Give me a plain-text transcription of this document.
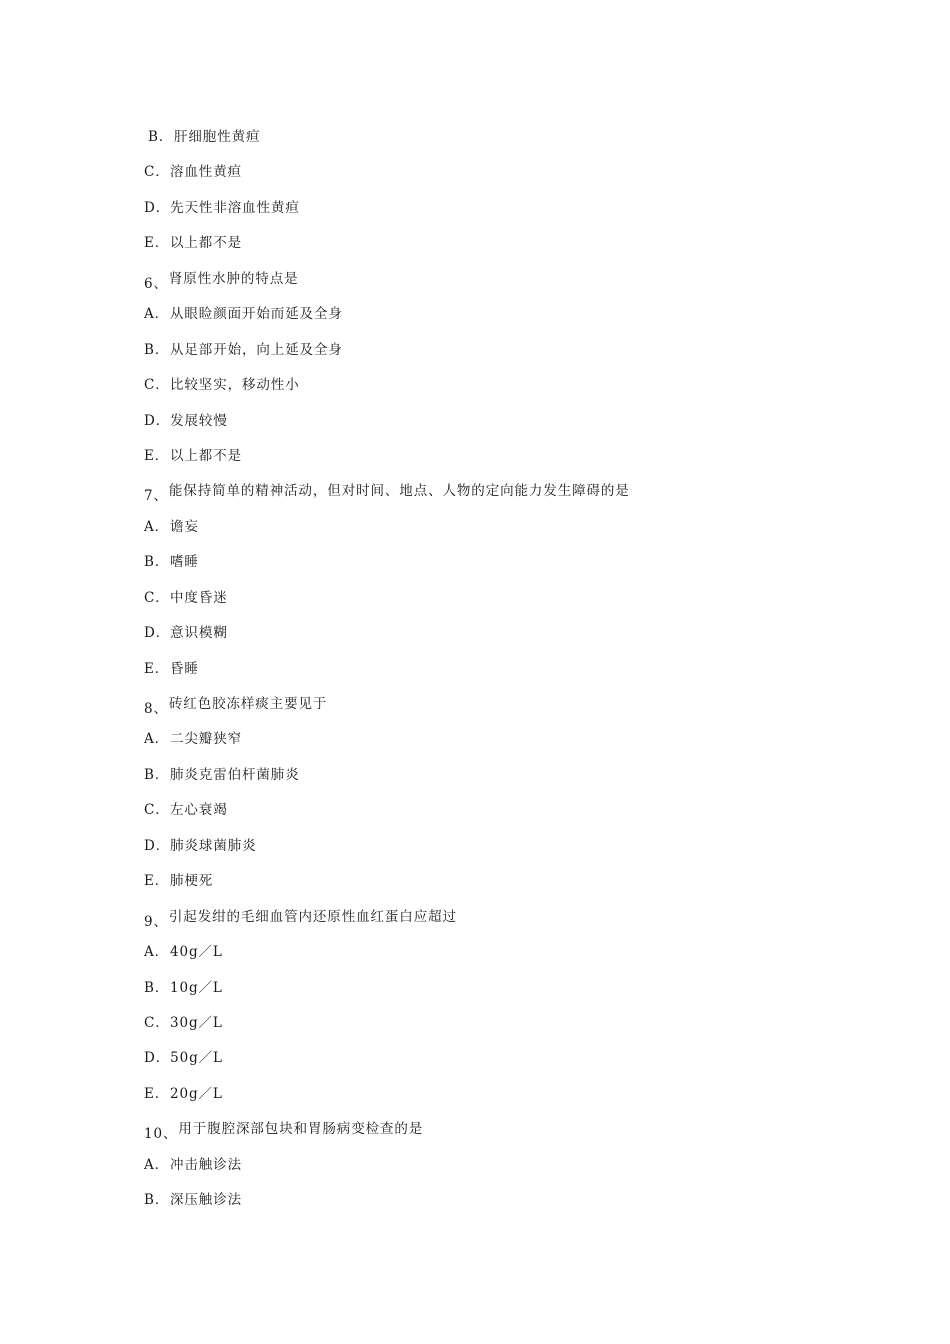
B．肝细胞性黄疸
C．溶血性黄疸
D．先天性非溶血性黄疸
E．以上都不是
6、肾原性水肿的特点是
A．从眼睑颜面开始而延及全身
B．从足部开始，向上延及全身
C．比较坚实，移动性小
D．发展较慢
E．以上都不是
7、能保持简单的精神活动，但对时间、地点、人物的定向能力发生障碍的是
A．谵妄
B．嗜睡
C．中度昏迷
D．意识模糊
E．昏睡
8、砖红色胶冻样痰主要见于
A．二尖瓣狭窄
B．肺炎克雷伯杆菌肺炎
C．左心衰竭
D．肺炎球菌肺炎
E．肺梗死
9、引起发绀的毛细血管内还原性血红蛋白应超过
A．40g／L
B．10g／L
C．30g／L
D．50g／L
E．20g／L
10、用于腹腔深部包块和胃肠病变检查的是
A．冲击触诊法
B．深压触诊法
